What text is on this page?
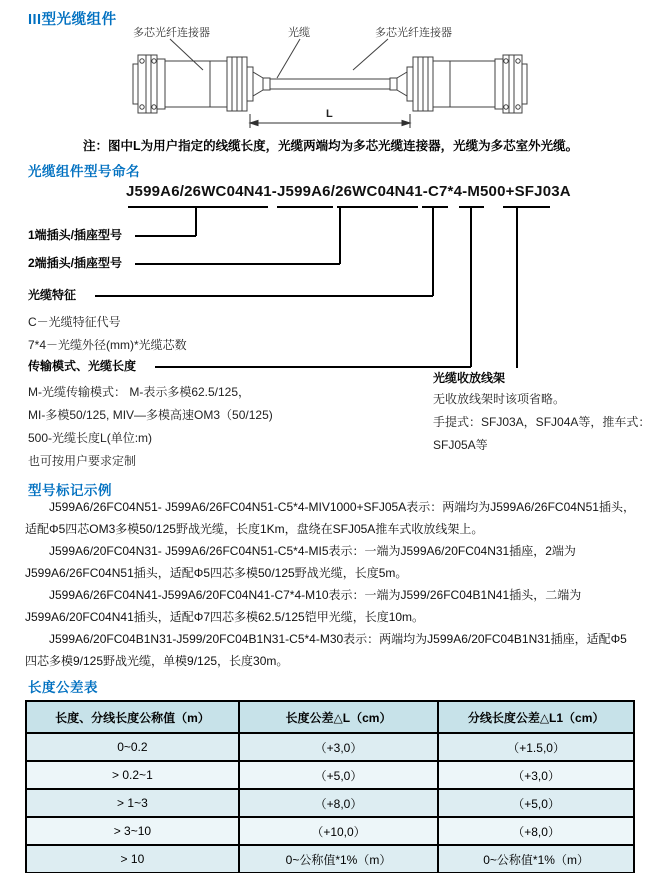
III型光缆组件
多芯光纤连接器	光缆	多芯光纤连接器
L
注：图中L为用户指定的线缆长度，光缆两端均为多芯光缆连接器，光缆为多芯室外光缆。
光缆组件型号命名
J599A6/26WC04N41-J599A6/26WC04N41-C7*4-M500+SFJ03A
1端插头/插座型号
2端插头/插座型号
光缆特征
C－光缆特征代号
7*4－光缆外径(mm)*光缆芯数
传输模式、光缆长度
M-光缆传输模式： M-表示多模62.5/125，
MI-多模50/125, MIV—多模高速OM3（50/125)
500-光缆长度L(单位:m)
也可按用户要求定制
光缆收放线架
无收放线架时该项省略。
手提式：SFJ03A，SFJ04A等，推车式：
SFJ05A等
型号标记示例

J599A6/26FC04N51- J599A6/26FC04N51-C5*4-MIV1000+SFJ05A表示：两端均为J599A6/26FC04N51插头，适配Φ5四芯OM3多模50/125野战光缆，长度1Km，盘绕在SFJ05A推车式收放线架上。

J599A6/20FC04N31- J599A6/26FC04N51-C5*4-MI5表示：一端为J599A6/20FC04N31插座，2端为J599A6/26FC04N51插头，适配Φ5四芯多模50/125野战光缆，长度5m。

J599A6/26FC04N41-J599A6/20FC04N41-C7*4-M10表示：一端为J599/26FC04B1N41插头，二端为J599A6/20FC04N41插头，适配Φ7四芯多模62.5/125铠甲光缆，长度10m。

J599A6/20FC04B1N31-J599/20FC04B1N31-C5*4-M30表示：两端均为J599A6/20FC04B1N31插座，适配Φ5四芯多模9/125野战光缆，单模9/125，长度30m。

长度公差表
长度、分线长度公称值（m）	长度公差△L（cm）	分线长度公差△L1（cm）
0~0.2	（+3,0）	（+1.5,0）
> 0.2~1	（+5,0）	（+3,0）
> 1~3	（+8,0）	（+5,0）
> 3~10	（+10,0）	（+8,0）
> 10	0~公称值*1%（m）	0~公称值*1%（m）
